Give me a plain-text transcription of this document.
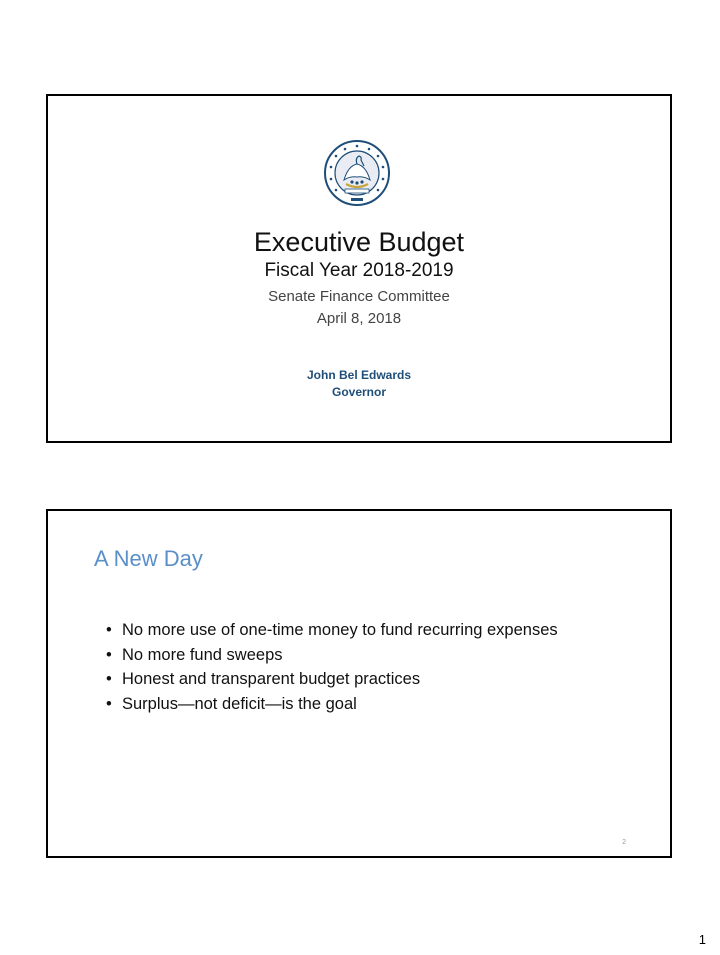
Executive Budget
Fiscal Year 2018-2019
Senate Finance Committee
April 8, 2018
John Bel Edwards
Governor
A New Day
• No more use of one-time money to fund recurring expenses
• No more fund sweeps
• Honest and transparent budget practices
• Surplus—not deficit—is the goal
2
1
